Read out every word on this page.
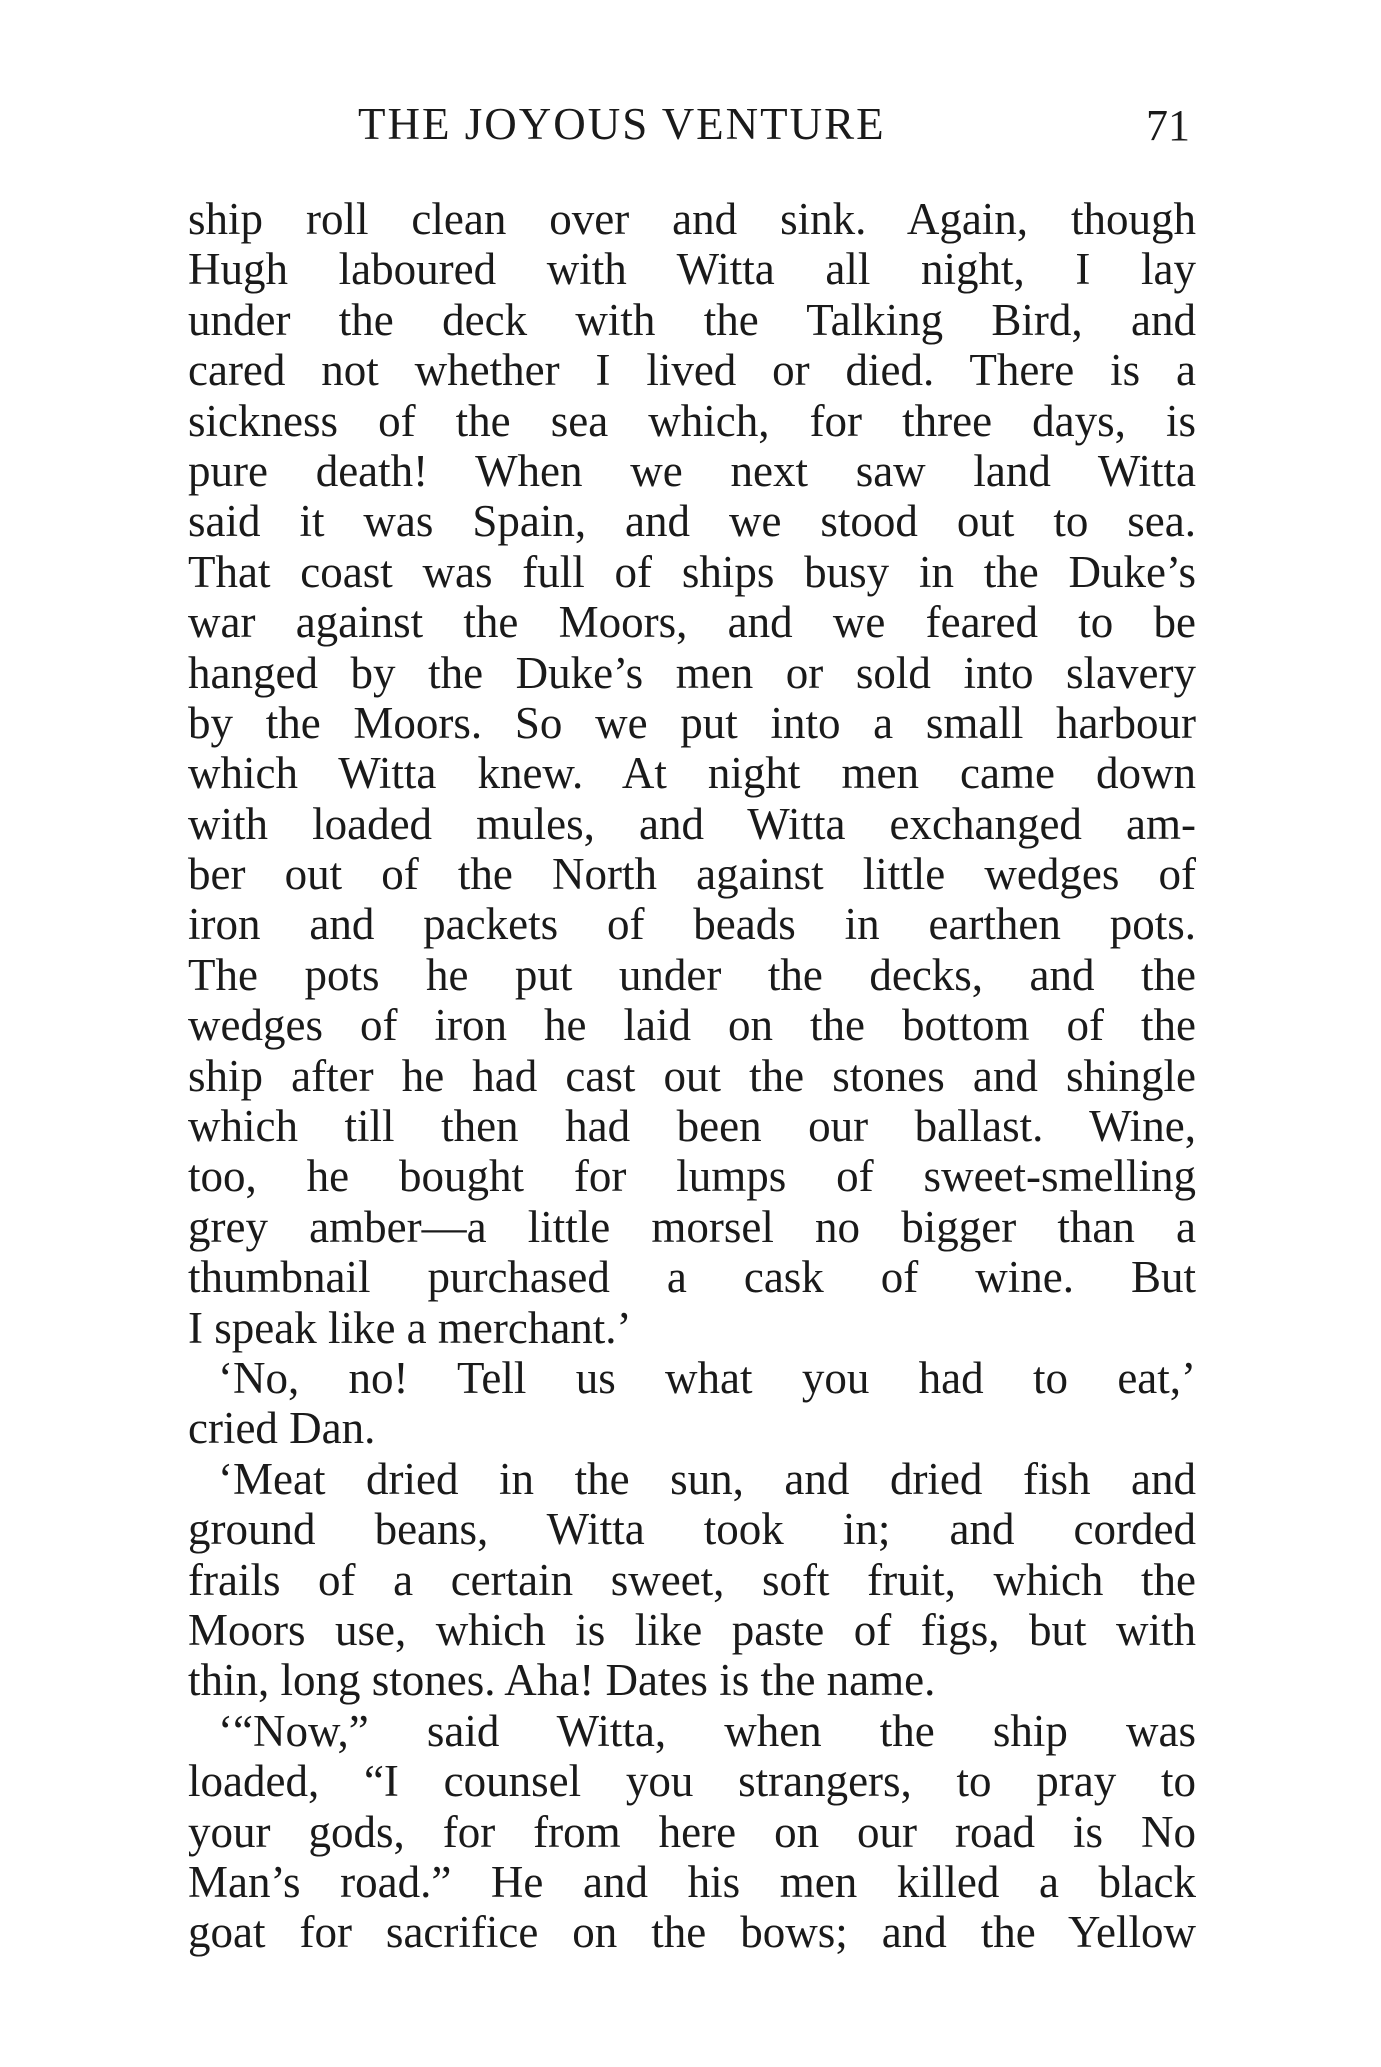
THE JOYOUS VENTURE	71
ship roll clean over and sink. Again, though
Hugh laboured with Witta all night, I lay
under the deck with the Talking Bird, and
cared not whether I lived or died. There is a
sickness of the sea which, for three days, is
pure death! When we next saw land Witta
said it was Spain, and we stood out to sea.
That coast was full of ships busy in the Duke’s
war against the Moors, and we feared to be
hanged by the Duke’s men or sold into slavery
by the Moors. So we put into a small harbour
which Witta knew. At night men came down
with loaded mules, and Witta exchanged am-
ber out of the North against little wedges of
iron and packets of beads in earthen pots.
The pots he put under the decks, and the
wedges of iron he laid on the bottom of the
ship after he had cast out the stones and shingle
which till then had been our ballast. Wine,
too, he bought for lumps of sweet-smelling
grey amber—a little morsel no bigger than a
thumbnail purchased a cask of wine. But
I speak like a merchant.’
‘No, no! Tell us what you had to eat,’
cried Dan.
‘Meat dried in the sun, and dried fish and
ground beans, Witta took in; and corded
frails of a certain sweet, soft fruit, which the
Moors use, which is like paste of figs, but with
thin, long stones. Aha! Dates is the name.
‘“Now,” said Witta, when the ship was
loaded, “I counsel you strangers, to pray to
your gods, for from here on our road is No
Man’s road.” He and his men killed a black
goat for sacrifice on the bows; and the Yellow
